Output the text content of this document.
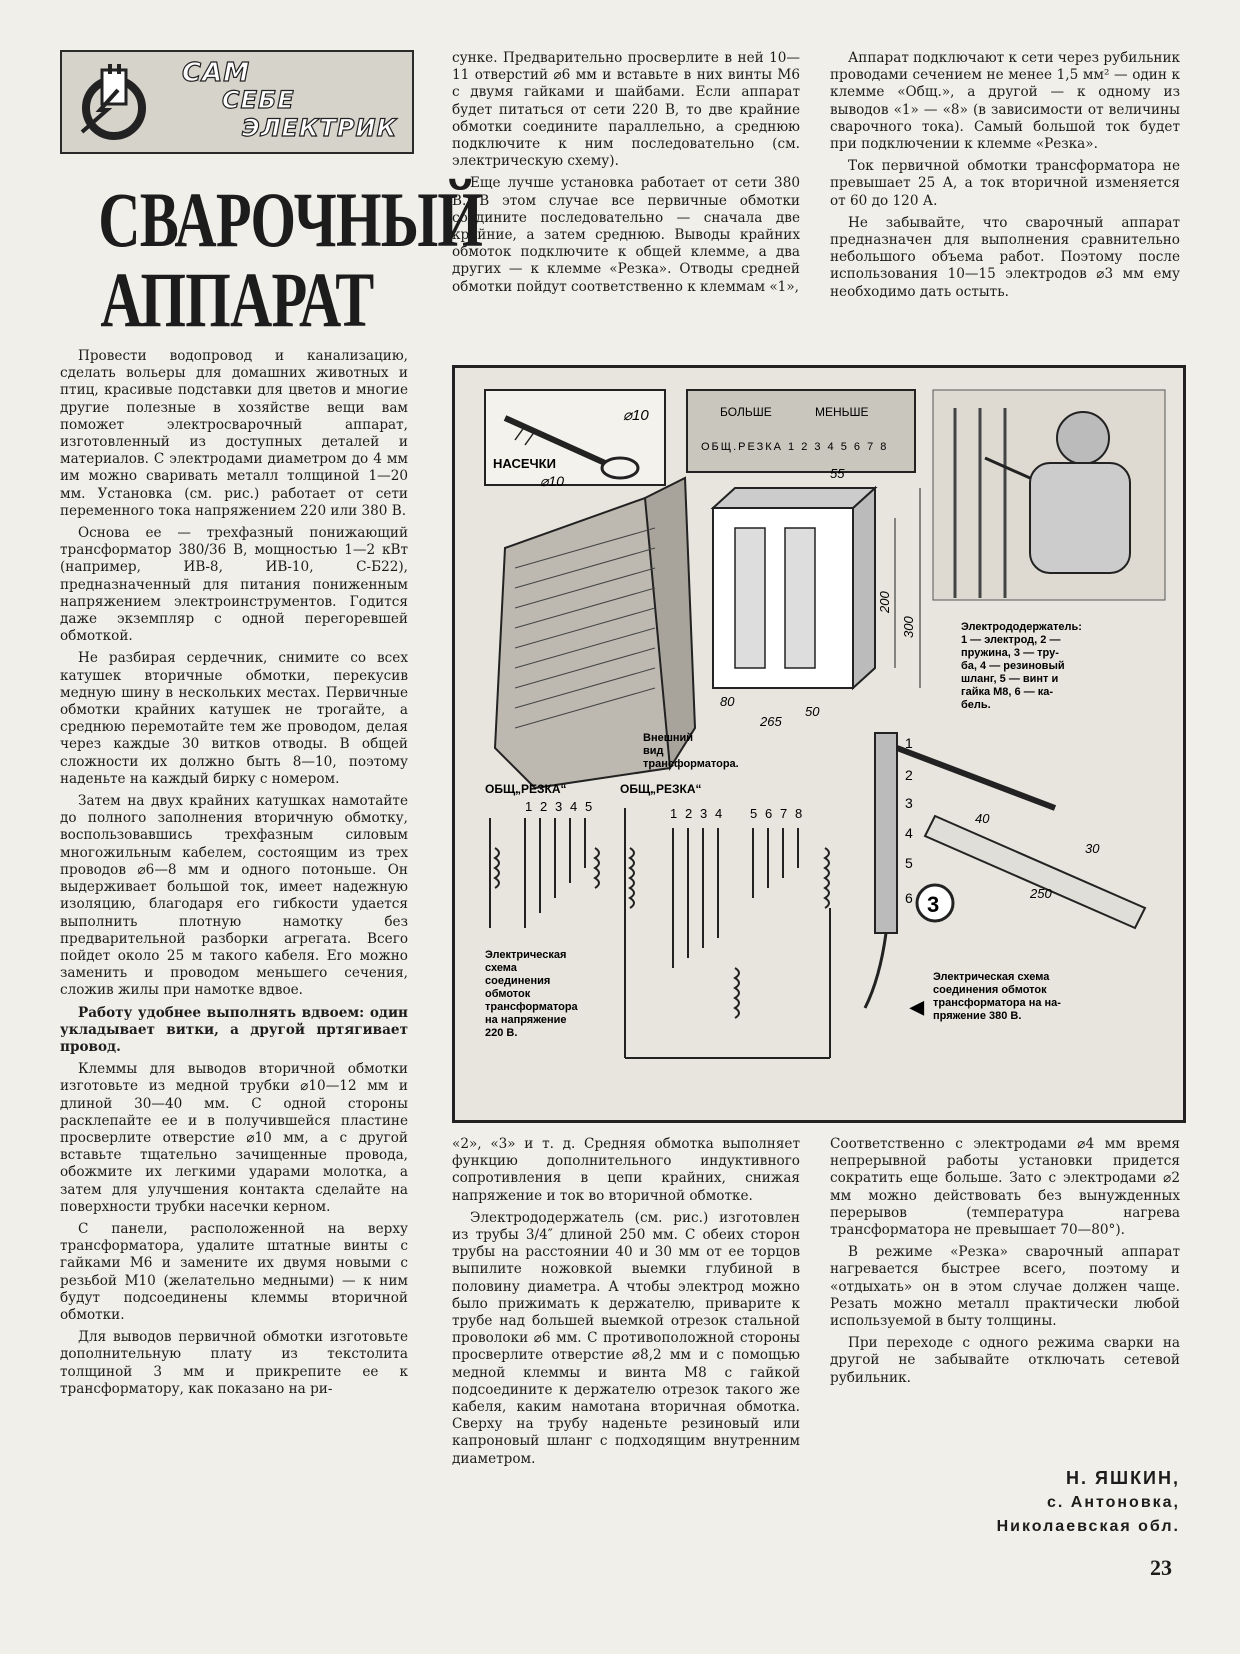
САМ
СЕБЕ
ЭЛЕКТРИК
СВАРОЧНЫЙ
АППАРАТ

Провести водопровод и канализацию, сделать вольеры для домашних животных и птиц, красивые подставки для цветов и многие другие полезные в хозяйстве вещи вам поможет электросварочный аппарат, изготовленный из доступных деталей и материалов. С электродами диаметром до 4 мм им можно сваривать металл толщиной 1—20 мм. Установка (см. рис.) работает от сети переменного тока напряжением 220 или 380 В.

Основа ее — трехфазный понижающий трансформатор 380/36 В, мощностью 1—2 кВт (например, ИВ-8, ИВ-10, С-Б22), предназначенный для питания пониженным напряжением электроинструментов. Годится даже экземпляр с одной перегоревшей обмоткой.

Не разбирая сердечник, снимите со всех катушек вторичные обмотки, перекусив медную шину в нескольких местах. Первичные обмотки крайних катушек не трогайте, а среднюю перемотайте тем же проводом, делая через каждые 30 витков отводы. В общей сложности их должно быть 8—10, поэтому наденьте на каждый бирку с номером.

Затем на двух крайних катушках намотайте до полного заполнения вторичную обмотку, воспользовавшись трехфазным силовым многожильным кабелем, состоящим из трех проводов ⌀6—8 мм и одного потоньше. Он выдерживает большой ток, имеет надежную изоляцию, благодаря его гибкости удается выполнить плотную намотку без предварительной разборки агрегата. Всего пойдет около 25 м такого кабеля. Его можно заменить и проводом меньшего сечения, сложив жилы при намотке вдвое.

Работу удобнее выполнять вдвоем: один укладывает витки, а другой пртягивает провод.

Клеммы для выводов вторичной обмотки изготовьте из медной трубки ⌀10—12 мм и длиной 30—40 мм. С одной стороны расклепайте ее и в получившейся пластине просверлите отверстие ⌀10 мм, а с другой вставьте тщательно зачищенные провода, обожмите их легкими ударами молотка, а затем для улучшения контакта сделайте на поверхности трубки насечки керном.

С панели, расположенной на верху трансформатора, удалите штатные винты с гайками М6 и замените их двумя новыми с резьбой М10 (желательно медными) — к ним будут подсоединены клеммы вторичной обмотки.

Для выводов первичной обмотки изготовьте дополнительную плату из текстолита толщиной 3 мм и прикрепите ее к трансформатору, как показано на ри-

сунке. Предварительно просверлите в ней 10—11 отверстий ⌀6 мм и вставьте в них винты М6 с двумя гайками и шайбами. Если аппарат будет питаться от сети 220 В, то две крайние обмотки соедините параллельно, а среднюю подключите к ним последовательно (см. электрическую схему).

Еще лучше установка работает от сети 380 В. В этом случае все первичные обмотки соедините последовательно — сначала две крайние, а затем среднюю. Выводы крайних обмоток подключите к общей клемме, а два других — к клемме «Резка». Отводы средней обмотки пойдут соответственно к клеммам «1»,

Аппарат подключают к сети через рубильник проводами сечением не менее 1,5 мм² — один к клемме «Общ.», а другой — к одному из выводов «1» — «8» (в зависимости от величины сварочного тока). Самый большой ток будет при подключении к клемме «Резка».

Ток первичной обмотки трансформатора не превышает 25 А, а ток вторичной изменяется от 60 до 120 А.

Не забывайте, что сварочный аппарат предназначен для выполнения сравнительно небольшого объема работ. Поэтому после использования 10—15 электродов ⌀3 мм ему необходимо дать остыть.

⌀10
НАСЕЧКИ
⌀10
БОЛЬШЕ	МЕНЬШЕ
ОБЩ.РЕЗКА 1 2 3 4 5 6 7 8
Внешний вид трансформатора.
55
200
300
80
50
265
Электрододержатель: 1 — электрод, 2 — пружина, 3 — тру- ба, 4 — резиновый шланг, 5 — винт и гайка М8, 6 — ка- бель.
1
2
3
4
5
6
40
30
250
3
ОБЩ.
„РЕЗКА“
1 2 3 4 5
Электрическая схема соединения обмоток трансформатора на напряжение 220 В.
ОБЩ.
„РЕЗКА“
1 2 3 4 5 6 7 8
◀
Электрическая схема соединения обмоток трансформатора на на- пряжение 380 В.

«2», «3» и т. д. Средняя обмотка выполняет функцию дополнительного индуктивного сопротивления в цепи крайних, снижая напряжение и ток во вторичной обмотке.

Электрододержатель (см. рис.) изготовлен из трубы 3/4″ длиной 250 мм. С обеих сторон трубы на расстоянии 40 и 30 мм от ее торцов выпилите ножовкой выемки глубиной в половину диаметра. А чтобы электрод можно было прижимать к держателю, приварите к трубе над большей выемкой отрезок стальной проволоки ⌀6 мм. С противоположной стороны просверлите отверстие ⌀8,2 мм и с помощью медной клеммы и винта М8 с гайкой подсоедините к держателю отрезок такого же кабеля, каким намотана вторичная обмотка. Сверху на трубу наденьте резиновый или капроновый шланг с подходящим внутренним диаметром.

Соответственно с электродами ⌀4 мм время непрерывной работы установки придется сократить еще больше. Зато с электродами ⌀2 мм можно действовать без вынужденных перерывов (температура нагрева трансформатора не превышает 70—80°).

В режиме «Резка» сварочный аппарат нагревается быстрее всего, поэтому и «отдыхать» он в этом случае должен чаще. Резать можно металл практически любой используемой в быту толщины.

При переходе с одного режима сварки на другой не забывайте отключать сетевой рубильник.

Н. ЯШКИН,
с. Антоновка,
Николаевская обл.
23
